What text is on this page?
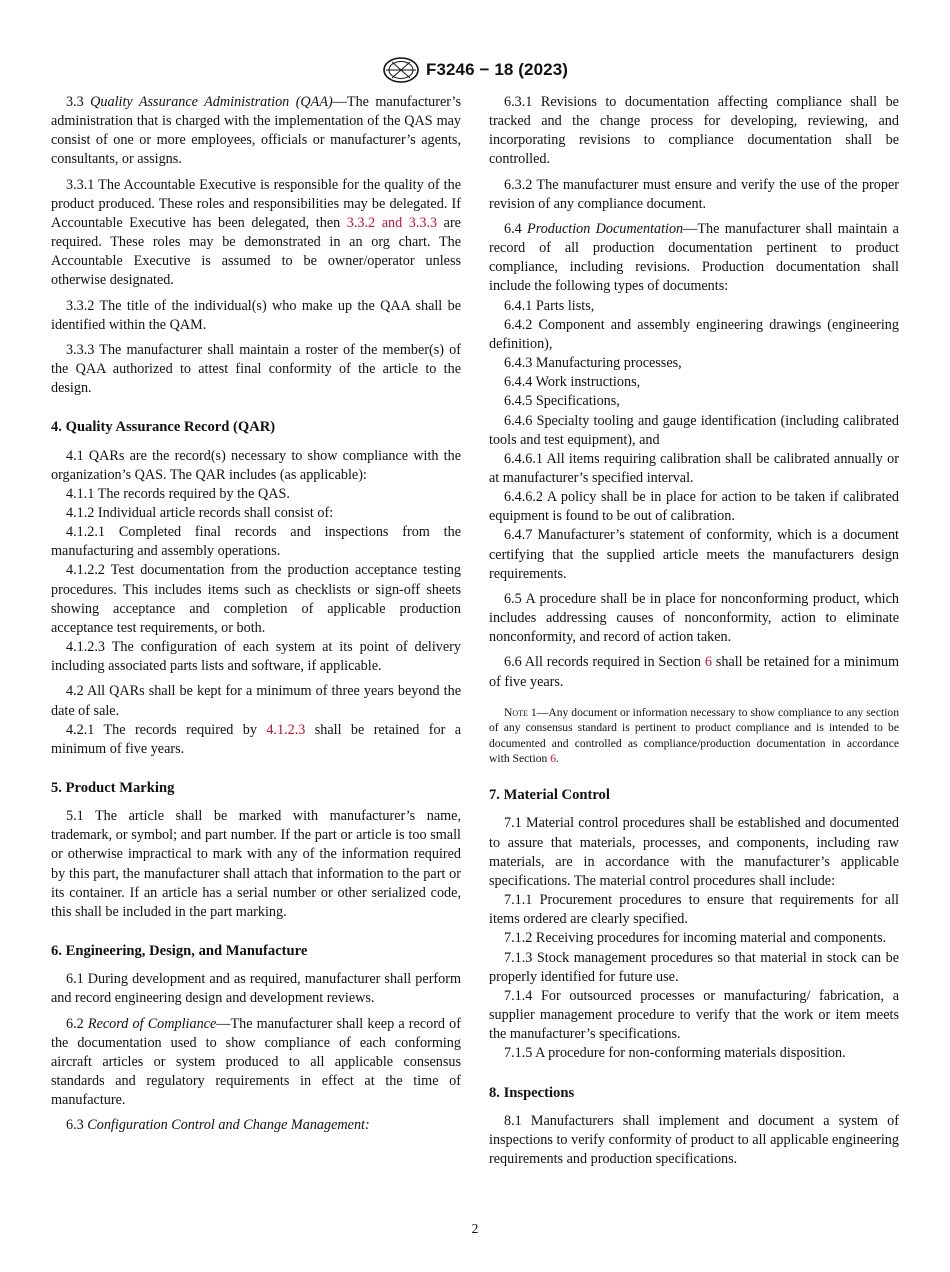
F3246 − 18 (2023)

3.3 Quality Assurance Administration (QAA)—The manufacturer’s administration that is charged with the implementation of the QAS may consist of one or more employees, officials or manufacturer’s agents, consultants, or assigns.

3.3.1 The Accountable Executive is responsible for the quality of the product produced. These roles and responsibilities may be delegated. If Accountable Executive has been delegated, then 3.3.2 and 3.3.3 are required. These roles may be demonstrated in an org chart. The Accountable Executive is assumed to be owner/operator unless otherwise designated.

3.3.2 The title of the individual(s) who make up the QAA shall be identified within the QAM.

3.3.3 The manufacturer shall maintain a roster of the member(s) of the QAA authorized to attest final conformity of the article to the design.

4. Quality Assurance Record (QAR)

4.1 QARs are the record(s) necessary to show compliance with the organization’s QAS. The QAR includes (as applicable):

4.1.1 The records required by the QAS.

4.1.2 Individual article records shall consist of:

4.1.2.1 Completed final records and inspections from the manufacturing and assembly operations.

4.1.2.2 Test documentation from the production acceptance testing procedures. This includes items such as checklists or sign-off sheets showing acceptance and completion of applicable production acceptance test requirements, or both.

4.1.2.3 The configuration of each system at its point of delivery including associated parts lists and software, if applicable.

4.2 All QARs shall be kept for a minimum of three years beyond the date of sale.

4.2.1 The records required by 4.1.2.3 shall be retained for a minimum of five years.

5. Product Marking

5.1 The article shall be marked with manufacturer’s name, trademark, or symbol; and part number. If the part or article is too small or otherwise impractical to mark with any of the information required by this part, the manufacturer shall attach that information to the part or its container. If an article has a serial number or other serialized code, this shall be included in the part marking.

6. Engineering, Design, and Manufacture

6.1 During development and as required, manufacturer shall perform and record engineering design and development reviews.

6.2 Record of Compliance—The manufacturer shall keep a record of the documentation used to show compliance of each conforming aircraft articles or system produced to all applicable consensus standards and regulatory requirements in effect at the time of manufacture.

6.3 Configuration Control and Change Management:

6.3.1 Revisions to documentation affecting compliance shall be tracked and the change process for developing, reviewing, and incorporating revisions to compliance documentation shall be controlled.

6.3.2 The manufacturer must ensure and verify the use of the proper revision of any compliance document.

6.4 Production Documentation—The manufacturer shall maintain a record of all production documentation pertinent to product compliance, including revisions. Production documentation shall include the following types of documents:

6.4.1 Parts lists,

6.4.2 Component and assembly engineering drawings (engineering definition),

6.4.3 Manufacturing processes,

6.4.4 Work instructions,

6.4.5 Specifications,

6.4.6 Specialty tooling and gauge identification (including calibrated tools and test equipment), and

6.4.6.1 All items requiring calibration shall be calibrated annually or at manufacturer’s specified interval.

6.4.6.2 A policy shall be in place for action to be taken if calibrated equipment is found to be out of calibration.

6.4.7 Manufacturer’s statement of conformity, which is a document certifying that the supplied article meets the manufacturers design requirements.

6.5 A procedure shall be in place for nonconforming product, which includes addressing causes of nonconformity, action to eliminate nonconformity, and record of action taken.

6.6 All records required in Section 6 shall be retained for a minimum of five years.

Note 1—Any document or information necessary to show compliance to any section of any consensus standard is pertinent to product compliance and is intended to be documented and controlled as compliance/production documentation in accordance with Section 6.

7. Material Control

7.1 Material control procedures shall be established and documented to assure that materials, processes, and components, including raw materials, are in accordance with the manufacturer’s applicable specifications. The material control procedures shall include:

7.1.1 Procurement procedures to ensure that requirements for all items ordered are clearly specified.

7.1.2 Receiving procedures for incoming material and components.

7.1.3 Stock management procedures so that material in stock can be properly identified for future use.

7.1.4 For outsourced processes or manufacturing/ fabrication, a supplier management procedure to verify that the work or item meets the manufacturer’s specifications.

7.1.5 A procedure for non-conforming materials disposition.

8. Inspections

8.1 Manufacturers shall implement and document a system of inspections to verify conformity of product to all applicable engineering requirements and production specifications.

2
